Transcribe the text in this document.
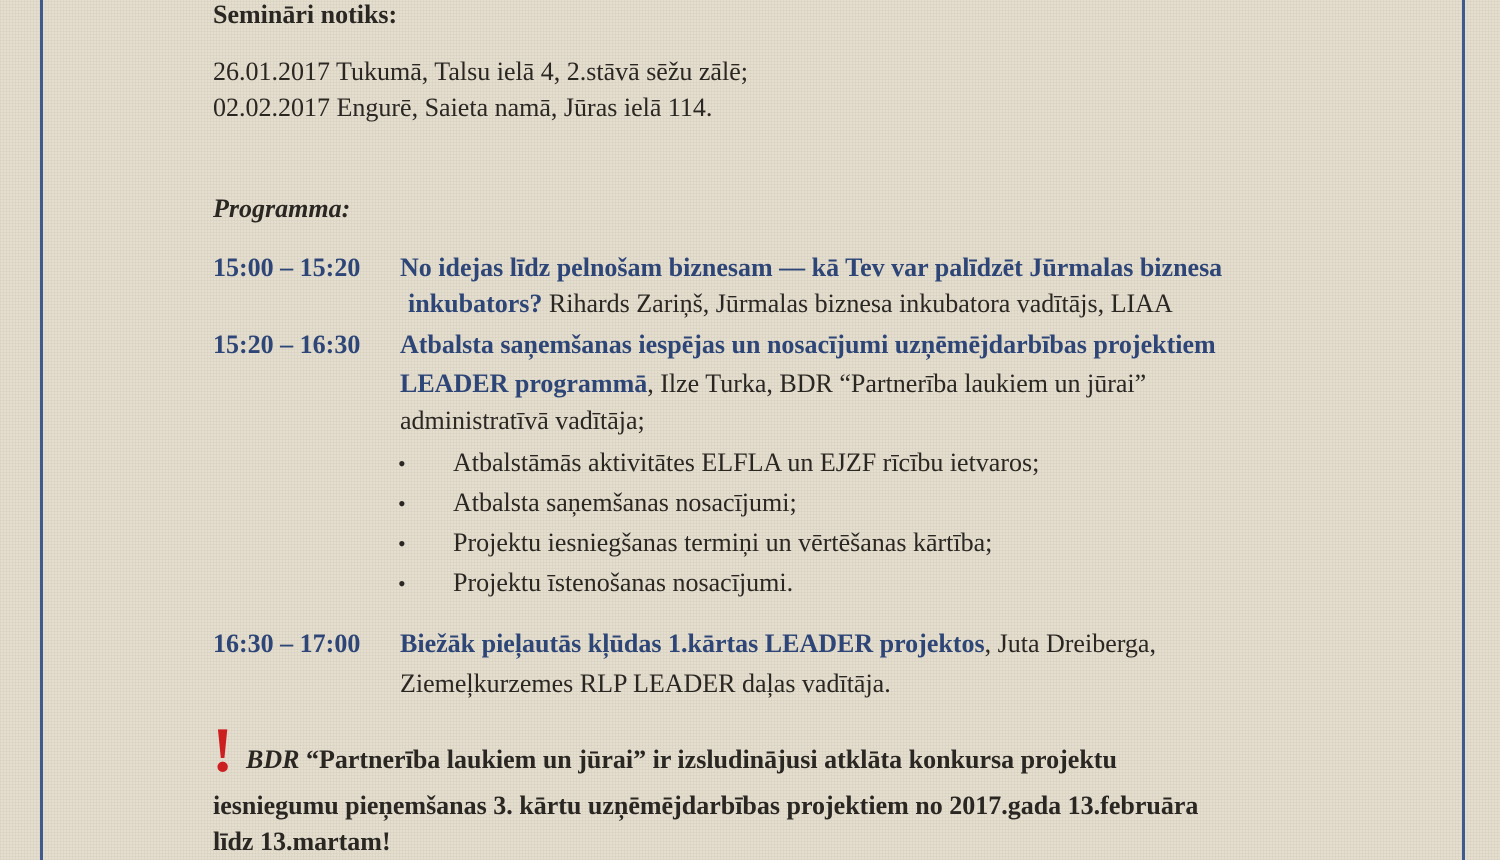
Semināri notiks:
26.01.2017 Tukumā, Talsu ielā 4, 2.stāvā sēžu zālē;
02.02.2017 Engurē, Saieta namā, Jūras ielā 114.
Programma:
15:00 – 15:20 No idejas līdz pelnošam biznesam — kā Tev var palīdzēt Jūrmalas biznesa
inkubators? Rihards Zariņš, Jūrmalas biznesa inkubatora vadītājs, LIAA
15:20 – 16:30 Atbalsta saņemšanas iespējas un nosacījumi uzņēmējdarbības projektiem
LEADER programmā, Ilze Turka, BDR “Partnerība laukiem un jūrai”
administratīvā vadītāja;
• Atbalstāmās aktivitātes ELFLA un EJZF rīcību ietvaros;
• Atbalsta saņemšanas nosacījumi;
• Projektu iesniegšanas termiņi un vērtēšanas kārtība;
• Projektu īstenošanas nosacījumi.
16:30 – 17:00 Biežāk pieļautās kļūdas 1.kārtas LEADER projektos, Juta Dreiberga,
Ziemeļkurzemes RLP LEADER daļas vadītāja.
! BDR “Partnerība laukiem un jūrai” ir izsludinājusi atklāta konkursa projektu
iesniegumu pieņemšanas 3. kārtu uzņēmējdarbības projektiem no 2017.gada 13.februāra
līdz 13.martam!
